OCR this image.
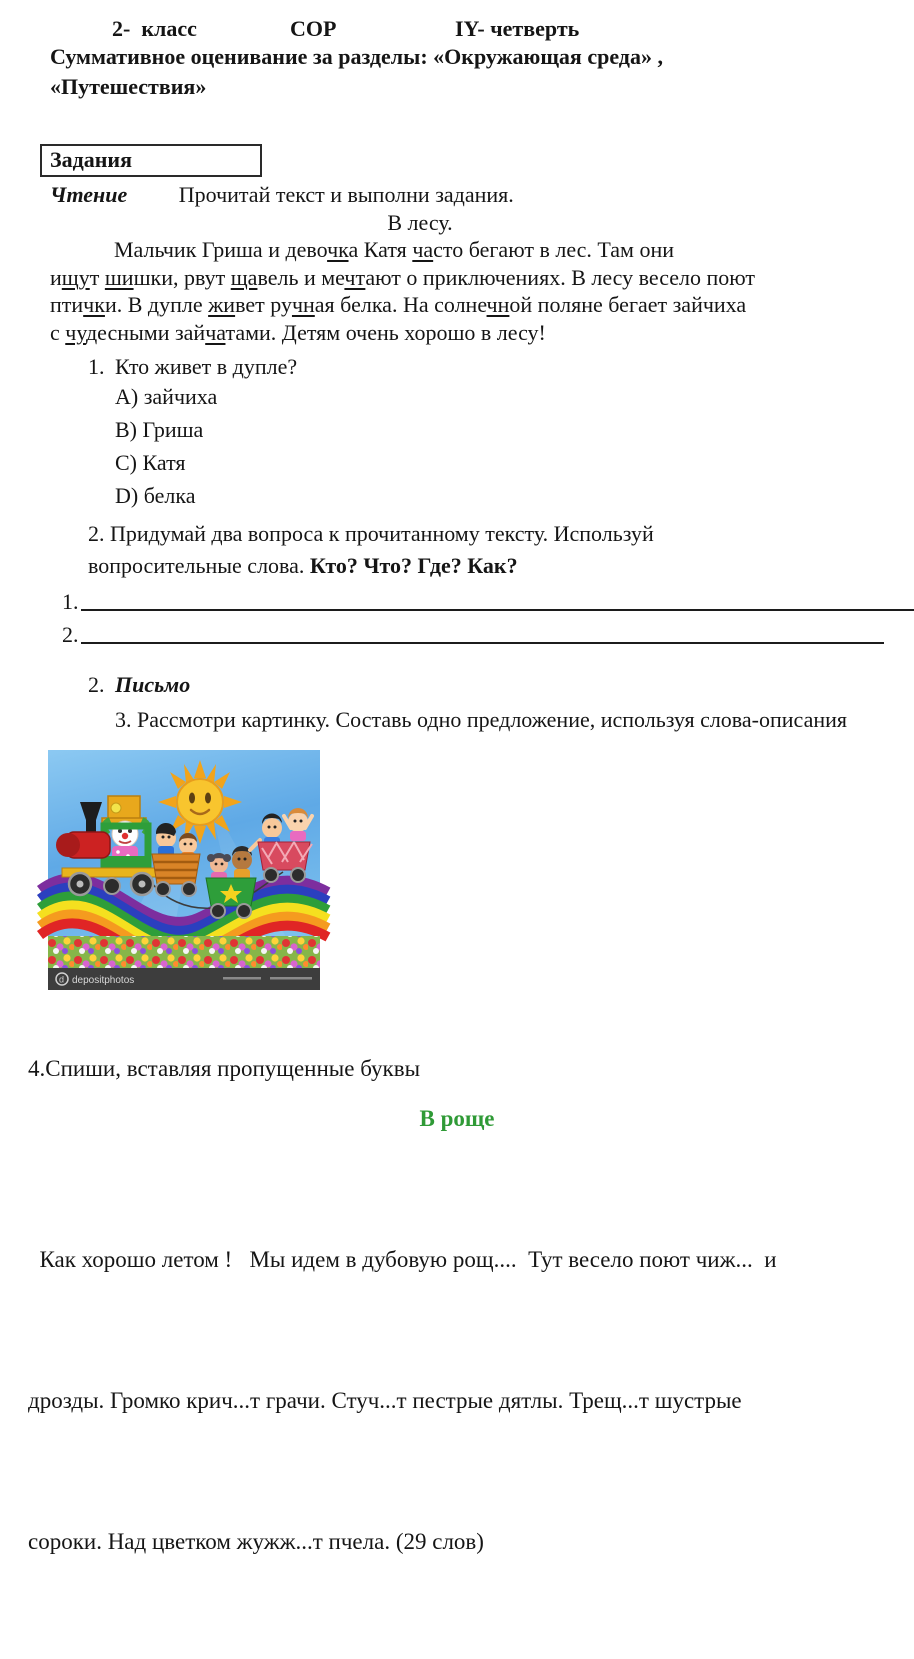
2-  класс	СОР	IY- четверть
Суммативное оценивание за разделы: «Окружающая среда» ,
«Путешествия»
Задания
Чтение Прочитай текст и выполни задания.
В лесу.
Мальчик Гриша и девочка Катя часто бегают в лес. Там они
ищут шишки, рвут щавель и мечтают о приключениях. В лесу весело поют
птички. В дупле живет ручная белка. На солнечной поляне бегает зайчиха
с чудесными зайчатами. Детям очень хорошо в лесу!
1. Кто живет в дупле?
A) зайчиха
B) Гриша
C) Катя
D) белка
2. Придумай два вопроса к прочитанному тексту. Используй вопросительные слова. Кто? Что? Где? Как?
1.
2.
2. Письмо
3. Рассмотри картинку. Составь одно предложение, используя слова-описания
d depositphotos
4.Спиши, вставляя пропущенные буквы
В роще

Как хорошо летом !   Мы идем в дубовую рощ....  Тут весело поют чиж...  и

дрозды. Громко крич...т грачи. Стуч...т пестрые дятлы. Трещ...т шустрые

сороки. Над цветком жужж...т пчела. (29 слов)
